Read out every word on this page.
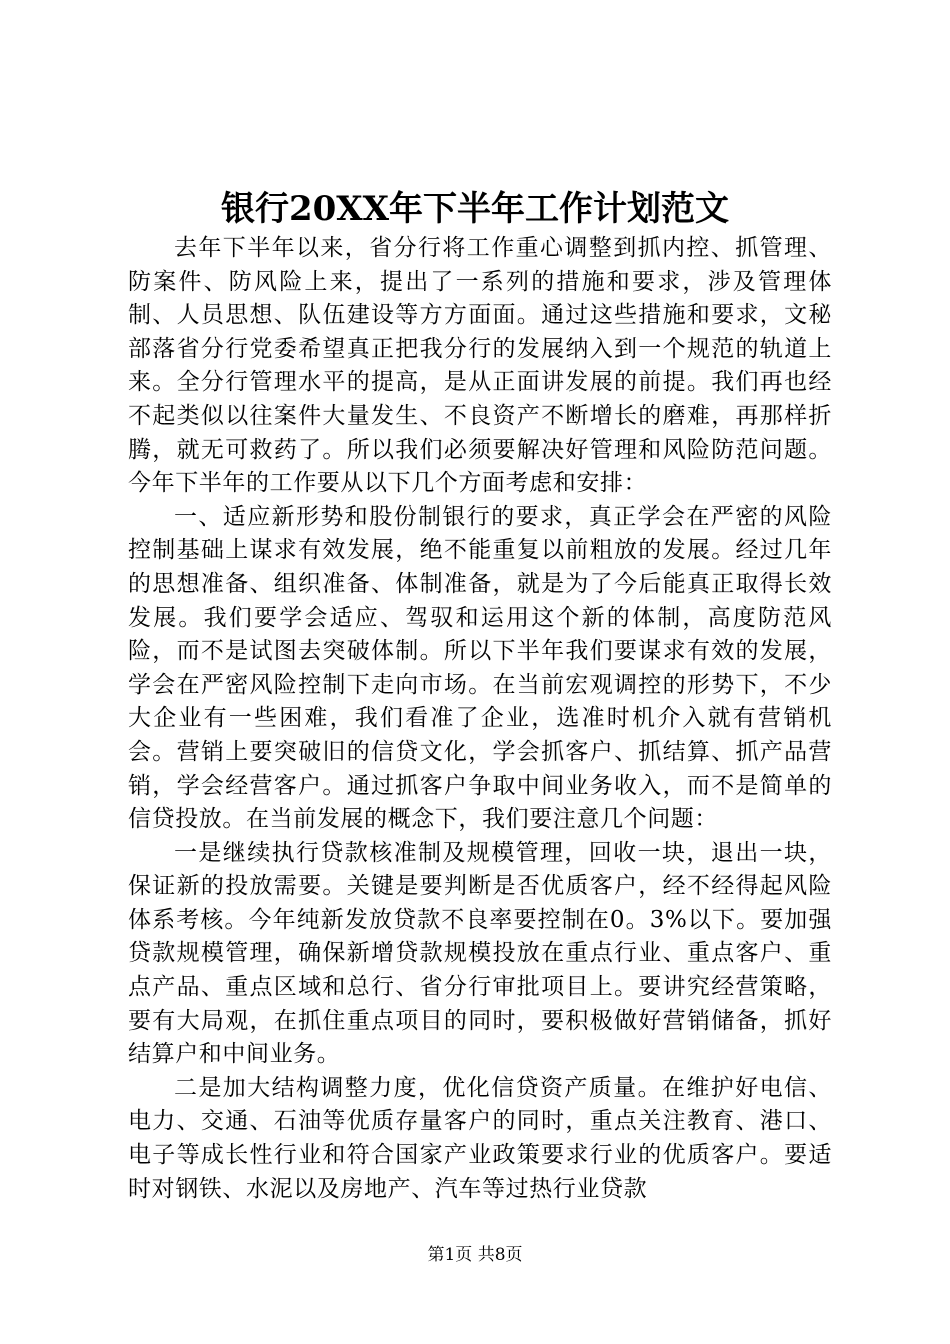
银行20XX年下半年工作计划范文

去年下半年以来，省分行将工作重心调整到抓内控、抓管理、防案件、防风险上来，提出了一系列的措施和要求，涉及管理体制、人员思想、队伍建设等方方面面。通过这些措施和要求，文秘部落省分行党委希望真正把我分行的发展纳入到一个规范的轨道上来。全分行管理水平的提高，是从正面讲发展的前提。我们再也经不起类似以往案件大量发生、不良资产不断增长的磨难，再那样折腾，就无可救药了。所以我们必须要解决好管理和风险防范问题。今年下半年的工作要从以下几个方面考虑和安排：

一、适应新形势和股份制银行的要求，真正学会在严密的风险控制基础上谋求有效发展，绝不能重复以前粗放的发展。经过几年的思想准备、组织准备、体制准备，就是为了今后能真正取得长效发展。我们要学会适应、驾驭和运用这个新的体制，高度防范风险，而不是试图去突破体制。所以下半年我们要谋求有效的发展，学会在严密风险控制下走向市场。在当前宏观调控的形势下，不少大企业有一些困难，我们看准了企业，选准时机介入就有营销机会。营销上要突破旧的信贷文化，学会抓客户、抓结算、抓产品营销，学会经营客户。通过抓客户争取中间业务收入，而不是简单的信贷投放。在当前发展的概念下，我们要注意几个问题：

一是继续执行贷款核准制及规模管理，回收一块，退出一块，保证新的投放需要。关键是要判断是否优质客户，经不经得起风险体系考核。今年纯新发放贷款不良率要控制在0。3%以下。要加强贷款规模管理，确保新增贷款规模投放在重点行业、重点客户、重点产品、重点区域和总行、省分行审批项目上。要讲究经营策略，要有大局观，在抓住重点项目的同时，要积极做好营销储备，抓好结算户和中间业务。

二是加大结构调整力度，优化信贷资产质量。在维护好电信、电力、交通、石油等优质存量客户的同时，重点关注教育、港口、电子等成长性行业和符合国家产业政策要求行业的优质客户。要适时对钢铁、水泥以及房地产、汽车等过热行业贷款

第1页 共8页
